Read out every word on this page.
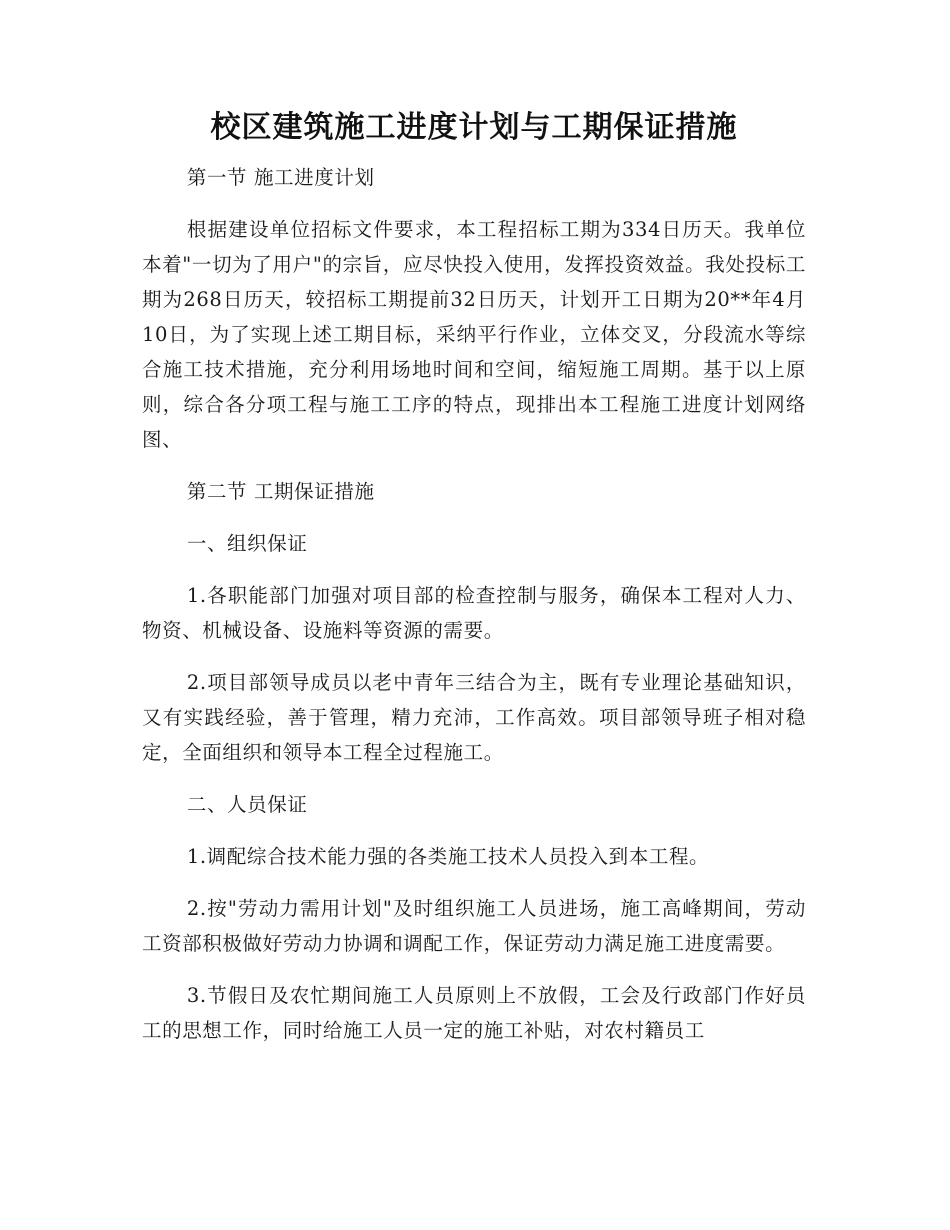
校区建筑施工进度计划与工期保证措施

第一节 施工进度计划

根据建设单位招标文件要求，本工程招标工期为334日历天。我单位本着"一切为了用户"的宗旨，应尽快投入使用，发挥投资效益。我处投标工期为268日历天，较招标工期提前32日历天，计划开工日期为20**年4月10日，为了实现上述工期目标，采纳平行作业，立体交叉，分段流水等综合施工技术措施，充分利用场地时间和空间，缩短施工周期。基于以上原则，综合各分项工程与施工工序的特点，现排出本工程施工进度计划网络图、

第二节 工期保证措施

一、组织保证

1.各职能部门加强对项目部的检查控制与服务，确保本工程对人力、物资、机械设备、设施料等资源的需要。

2.项目部领导成员以老中青年三结合为主，既有专业理论基础知识，又有实践经验，善于管理，精力充沛，工作高效。项目部领导班子相对稳定，全面组织和领导本工程全过程施工。

二、人员保证

1.调配综合技术能力强的各类施工技术人员投入到本工程。

2.按"劳动力需用计划"及时组织施工人员进场，施工高峰期间，劳动工资部积极做好劳动力协调和调配工作，保证劳动力满足施工进度需要。

3.节假日及农忙期间施工人员原则上不放假，工会及行政部门作好员工的思想工作，同时给施工人员一定的施工补贴，对农村籍员工
